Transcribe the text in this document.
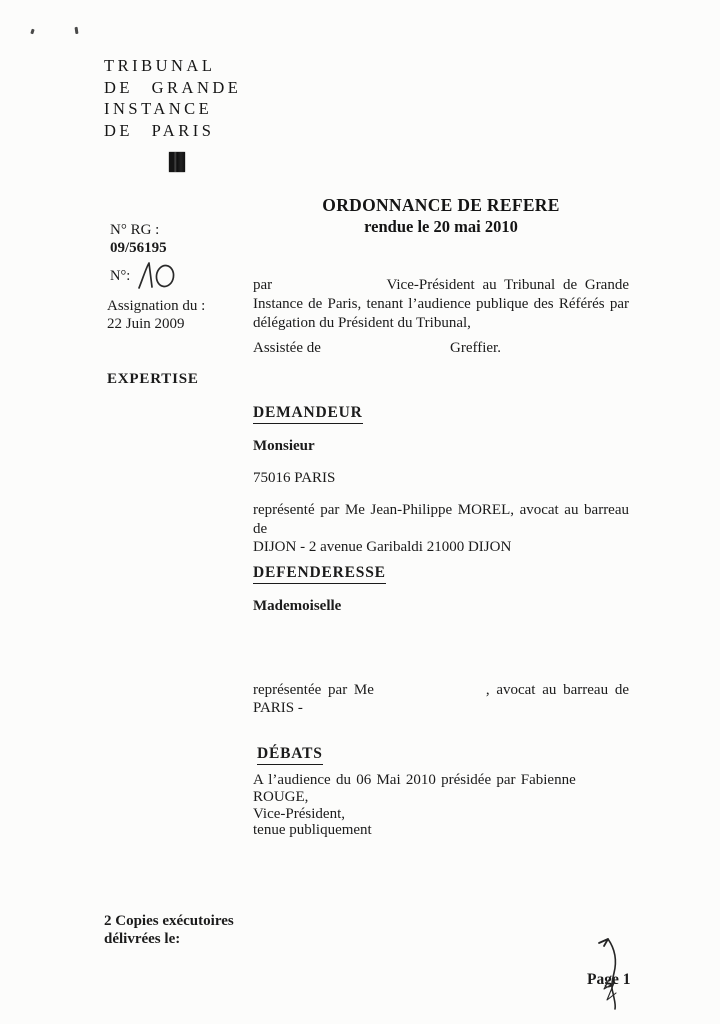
TRIBUNAL
DE GRANDE
INSTANCE
DE PARIS
ORDONNANCE DE REFERE
rendue le 20 mai 2010
N° RG :
09/56195
N°:
Assignation du :
22 Juin 2009
EXPERTISE
par	Vice-Président au Tribunal de Grande
Instance de Paris, tenant l’audience publique des Référés par
délégation du Président du Tribunal,
Assistée de	Greffier.
DEMANDEUR
Monsieur
75016 PARIS
représenté par Me Jean-Philippe MOREL, avocat au barreau de
DIJON - 2 avenue Garibaldi 21000 DIJON
DEFENDERESSE
Mademoiselle
représentée par Me	, avocat au barreau de
PARIS -
DÉBATS
A l’audience du 06 Mai 2010 présidée par Fabienne ROUGE,
Vice-Président,
tenue publiquement
2 Copies exécutoires
délivrées le:
Page 1
